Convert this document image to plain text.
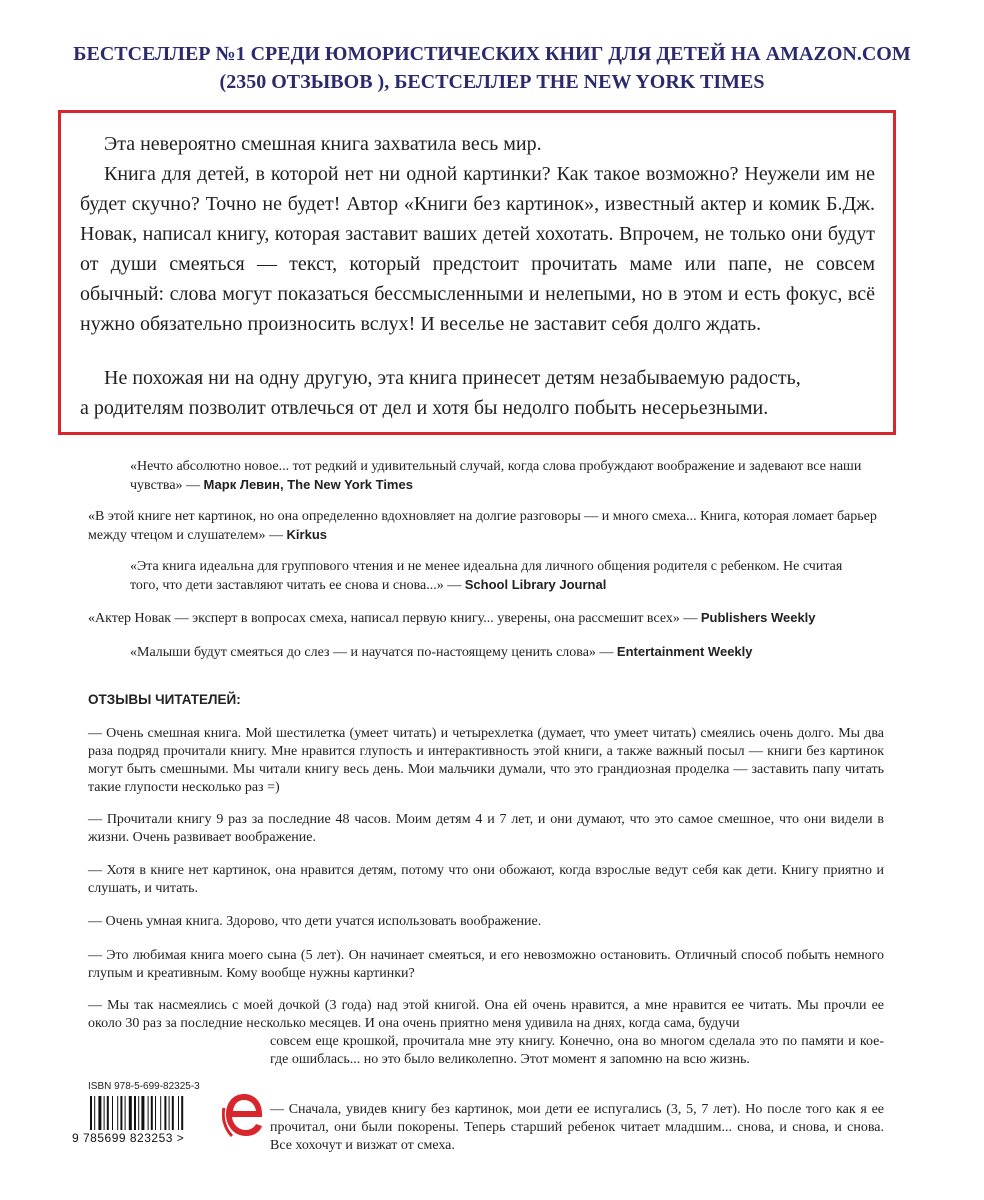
БЕСТСЕЛЛЕР №1 СРЕДИ ЮМОРИСТИЧЕСКИХ КНИГ ДЛЯ ДЕТЕЙ НА AMAZON.COM
(2350 ОТЗЫВОВ ), БЕСТСЕЛЛЕР THE NEW YORK TIMES

Эта невероятно смешная книга захватила весь мир.

Книга для детей, в которой нет ни одной картинки? Как такое возможно? Неужели им не будет скучно? Точно не будет! Автор «Книги без картинок», известный актер и комик Б.Дж. Новак, написал книгу, которая заставит ваших детей хохотать. Впрочем, не только они будут от души смеяться — текст, который предстоит прочитать маме или папе, не совсем обычный: слова могут показаться бессмысленными и нелепыми, но в этом и есть фокус, всё нужно обязательно произносить вслух! И веселье не заставит себя долго ждать.

Не похожая ни на одну другую, эта книга принесет детям незабываемую радость,

а родителям позволит отвлечься от дел и хотя бы недолго побыть несерьезными.
«Нечто абсолютно новое... тот редкий и удивительный случай, когда слова пробуждают воображение и задевают все наши чувства» — Марк Левин, The New York Times
«В этой книге нет картинок, но она определенно вдохновляет на долгие разговоры — и много смеха... Книга, которая ломает барьер между чтецом и слушателем» — Kirkus
«Эта книга идеальна для группового чтения и не менее идеальна для личного общения родителя с ребенком. Не считая того, что дети заставляют читать ее снова и снова...» — School Library Journal
«Актер Новак — эксперт в вопросах смеха, написал первую книгу... уверены, она рассмешит всех» — Publishers Weekly
«Малыши будут смеяться до слез — и научатся по-настоящему ценить слова» — Entertainment Weekly
ОТЗЫВЫ ЧИТАТЕЛЕЙ:
— Очень смешная книга. Мой шестилетка (умеет читать) и четырехлетка (думает, что умеет читать) смеялись очень долго. Мы два раза подряд прочитали книгу. Мне нравится глупость и интерактивность этой книги, а также важный посыл — книги без картинок могут быть смешными. Мы читали книгу весь день. Мои мальчики думали, что это грандиозная проделка — заставить папу читать такие глупости несколько раз =)
— Прочитали книгу 9 раз за последние 48 часов. Моим детям 4 и 7 лет, и они думают, что это самое смешное, что они видели в жизни. Очень развивает воображение.
— Хотя в книге нет картинок, она нравится детям, потому что они обожают, когда взрослые ведут себя как дети. Книгу приятно и слушать, и читать.
— Очень умная книга. Здорово, что дети учатся использовать воображение.
— Это любимая книга моего сына (5 лет). Он начинает смеяться, и его невозможно остановить. Отличный способ побыть немного глупым и креативным. Кому вообще нужны картинки?
— Мы так насмеялись с моей дочкой (3 года) над этой книгой. Она ей очень нравится, а мне нравится ее читать. Мы прочли ее около 30 раз за последние несколько месяцев. И она очень приятно меня удивила на днях, когда сама, будучи
совсем еще крошкой, прочитала мне эту книгу. Конечно, она во многом сделала это по памяти и кое-где ошиблась... но это было великолепно. Этот момент я запомню на всю жизнь.
— Сначала, увидев книгу без картинок, мои дети ее испугались (3, 5, 7 лет). Но после того как я ее прочитал, они были покорены. Теперь старший ребенок читает младшим... снова, и снова, и снова. Все хохочут и визжат от смеха.
ISBN 978-5-699-82325-3
9 785699 823253 >
